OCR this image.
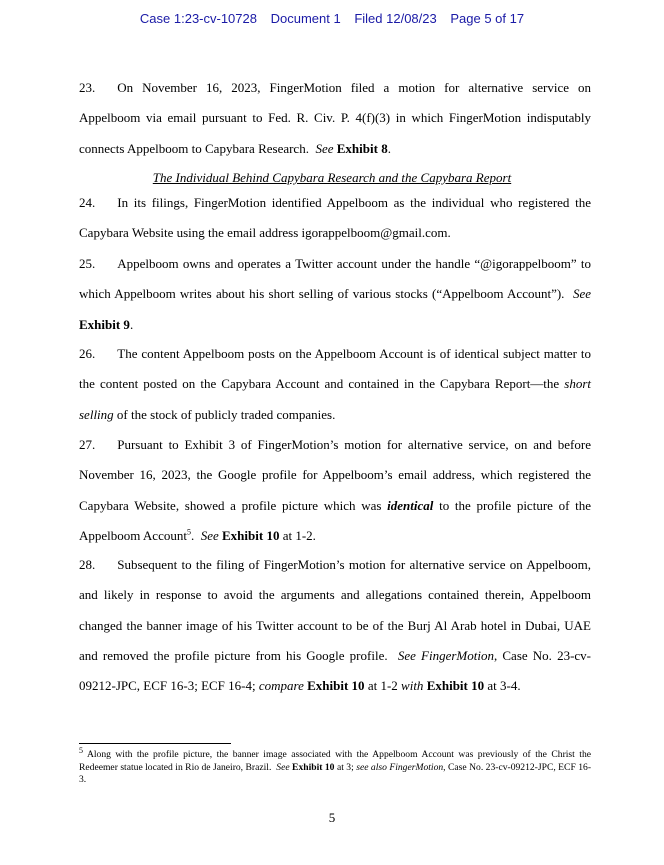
Case 1:23-cv-10728 Document 1 Filed 12/08/23 Page 5 of 17
23. On November 16, 2023, FingerMotion filed a motion for alternative service on Appelboom via email pursuant to Fed. R. Civ. P. 4(f)(3) in which FingerMotion indisputably connects Appelboom to Capybara Research. See Exhibit 8.
The Individual Behind Capybara Research and the Capybara Report
24. In its filings, FingerMotion identified Appelboom as the individual who registered the Capybara Website using the email address igorappelboom@gmail.com.
25. Appelboom owns and operates a Twitter account under the handle “@igorappelboom” to which Appelboom writes about his short selling of various stocks (“Appelboom Account”). See Exhibit 9.
26. The content Appelboom posts on the Appelboom Account is of identical subject matter to the content posted on the Capybara Account and contained in the Capybara Report—the short selling of the stock of publicly traded companies.
27. Pursuant to Exhibit 3 of FingerMotion’s motion for alternative service, on and before November 16, 2023, the Google profile for Appelboom’s email address, which registered the Capybara Website, showed a profile picture which was identical to the profile picture of the Appelboom Account$^5$. See Exhibit 10 at 1-2.
28. Subsequent to the filing of FingerMotion’s motion for alternative service on Appelboom, and likely in response to avoid the arguments and allegations contained therein, Appelboom changed the banner image of his Twitter account to be of the Burj Al Arab hotel in Dubai, UAE and removed the profile picture from his Google profile. See FingerMotion, Case No. 23-cv-09212-JPC, ECF 16-3; ECF 16-4; compare Exhibit 10 at 1-2 with Exhibit 10 at 3-4.
$^5$ Along with the profile picture, the banner image associated with the Appelboom Account was previously of the Christ the Redeemer statue located in Rio de Janeiro, Brazil. See Exhibit 10 at 3; see also FingerMotion, Case No. 23-cv-09212-JPC, ECF 16-3.
5
